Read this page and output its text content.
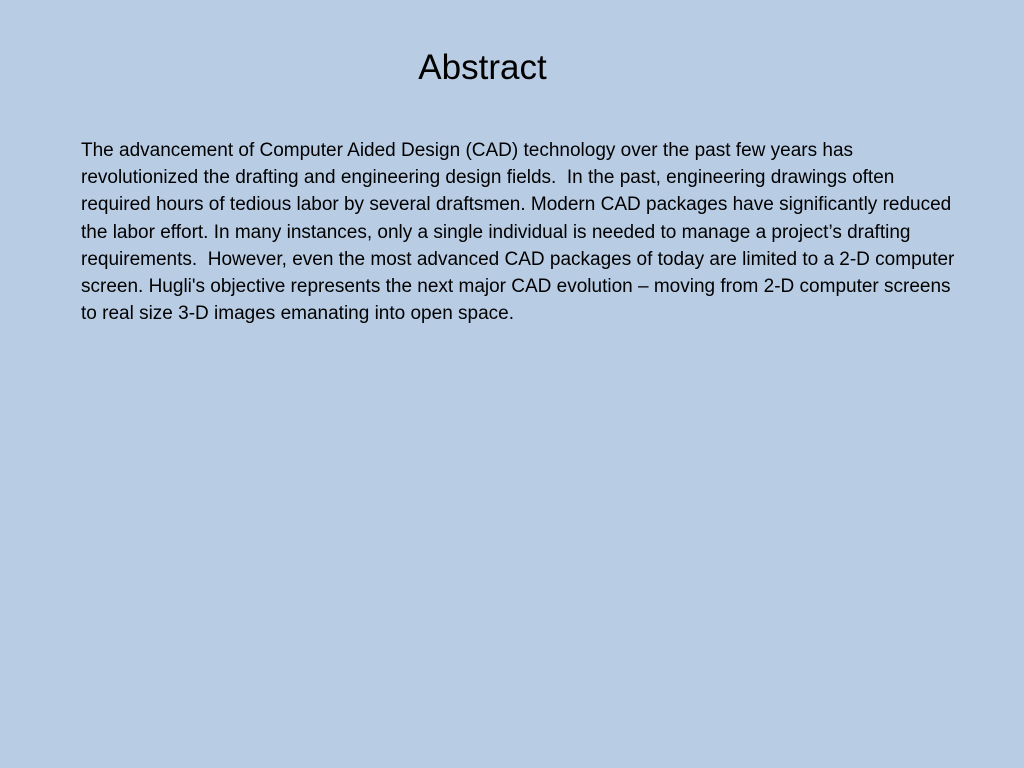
Abstract

The advancement of Computer Aided Design (CAD) technology over the past few years has revolutionized the drafting and engineering design fields.  In the past, engineering drawings often required hours of tedious labor by several draftsmen. Modern CAD packages have significantly reduced the labor effort. In many instances, only a single individual is needed to manage a project’s drafting requirements.  However, even the most advanced CAD packages of today are limited to a 2-D computer screen. Hugli's objective represents the next major CAD evolution – moving from 2-D computer screens to real size 3-D images emanating into open space.
